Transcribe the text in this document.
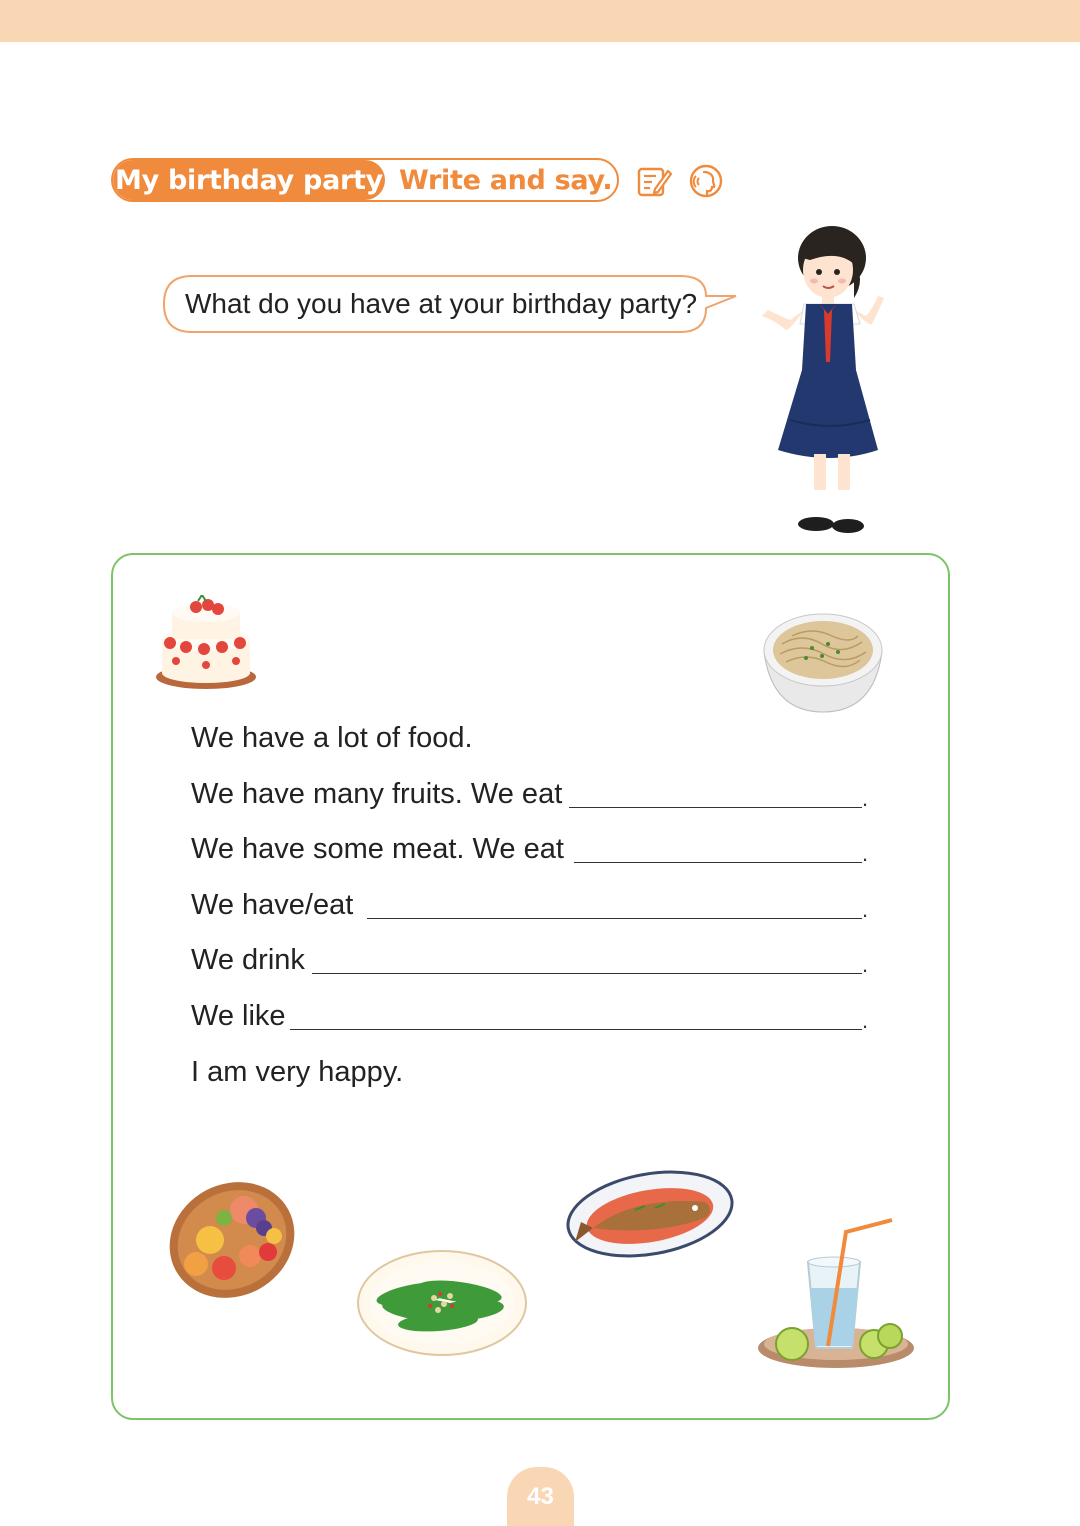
My birthday party Write and say.
What do you have at your birthday party?
We have a lot of food.
We have many fruits. We eat	.
We have some meat. We eat	.
We have/eat	.
We drink	.
We like	.
I am very happy.
43
